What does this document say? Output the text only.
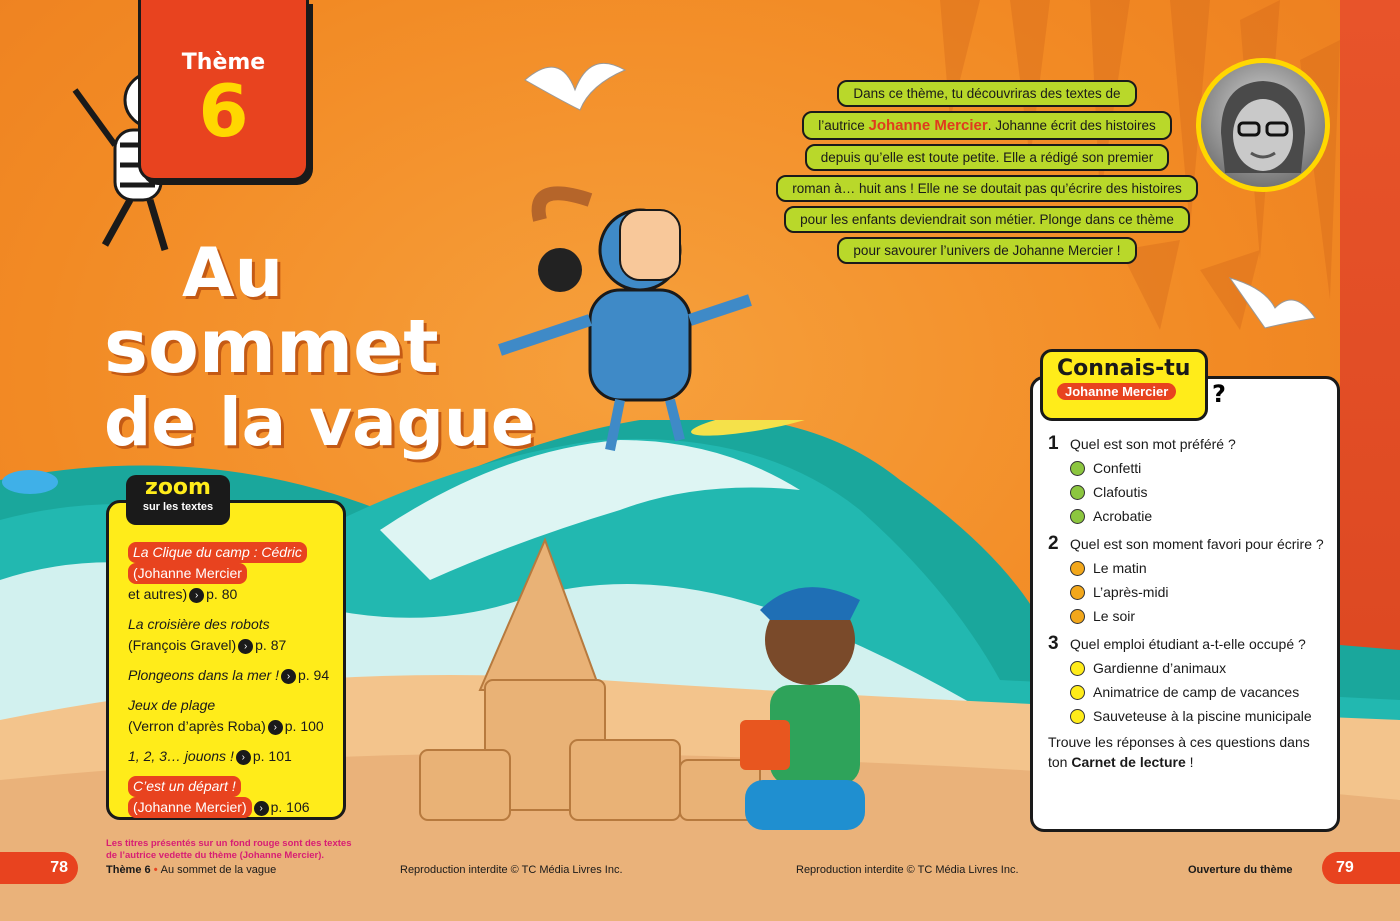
Thème
6
Au
sommet
de la vague
Dans ce thème, tu découvriras des textes de
l’autrice Johanne Mercier. Johanne écrit des histoires
depuis qu’elle est toute petite. Elle a rédigé son premier
roman à… huit ans ! Elle ne se doutait pas qu’écrire des histoires
pour les enfants deviendrait son métier. Plonge dans ce thème
pour savourer l’univers de Johanne Mercier !
zoom
sur les textes
La Clique du camp : Cédric
(Johanne Mercier
et autres) › p. 80
La croisière des robots
(François Gravel) › p. 87
Plongeons dans la mer ! › p. 94
Jeux de plage
(Verron d’après Roba) › p. 100
1, 2, 3… jouons ! › p. 101
C’est un départ !
(Johanne Mercier) › p. 106
Les titres présentés sur un fond rouge sont des textes
de l’autrice vedette du thème (Johanne Mercier).
Connais-tu
Johanne Mercier	?
1 Quel est son mot préféré ?
Confetti
Clafoutis
Acrobatie
2 Quel est son moment favori pour écrire ?
Le matin
L’après-midi
Le soir
3 Quel emploi étudiant a-t-elle occupé ?
Gardienne d’animaux
Animatrice de camp de vacances
Sauveteuse à la piscine municipale
Trouve les réponses à ces questions dans ton Carnet de lecture !
78	Thème 6 • Au sommet de la vague	Reproduction interdite © TC Média Livres Inc.	Reproduction interdite © TC Média Livres Inc.	Ouverture du thème	79
